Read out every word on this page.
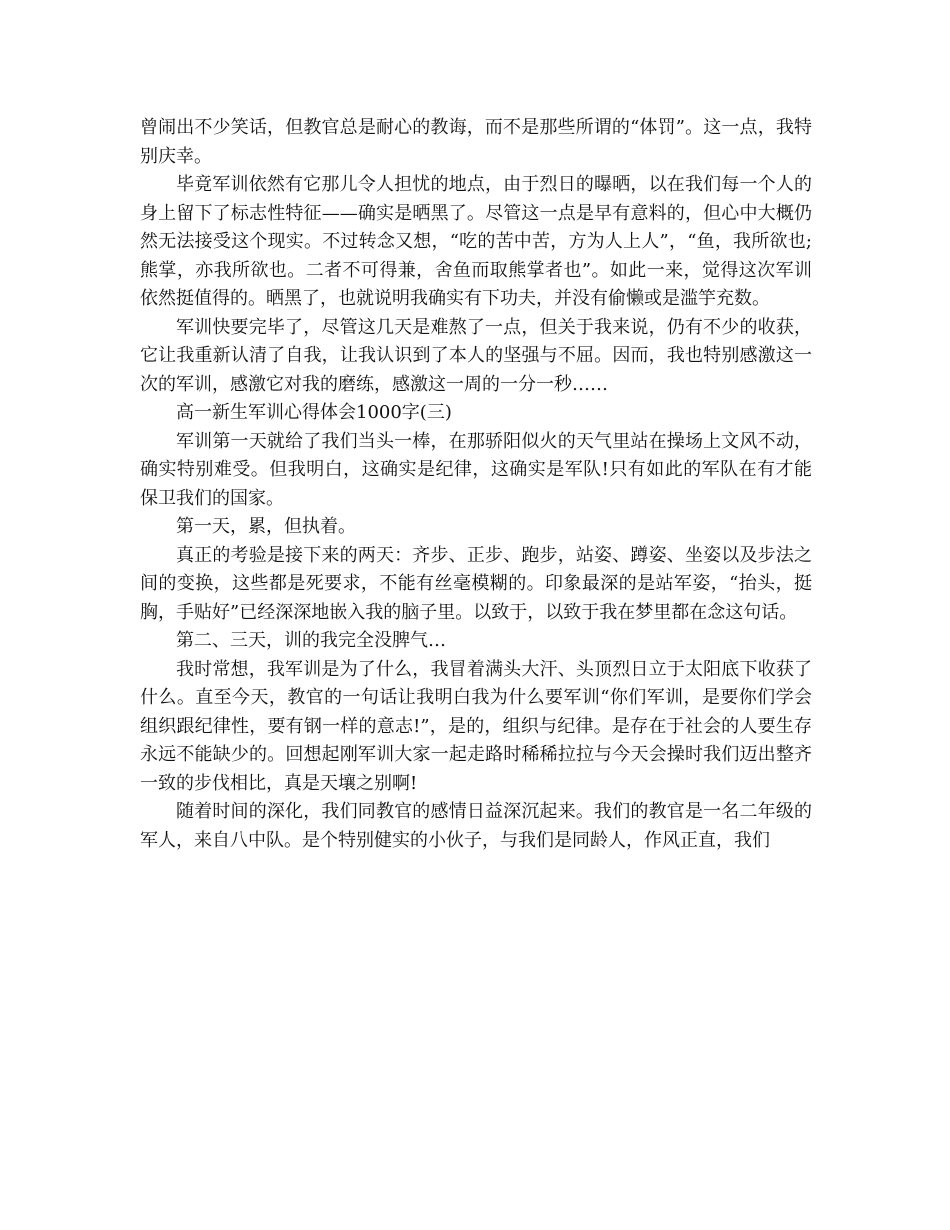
曾闹出不少笑话，但教官总是耐心的教诲，而不是那些所谓的“体罚”。这一点，我特别庆幸。

毕竟军训依然有它那儿令人担忧的地点，由于烈日的曝晒，以在我们每一个人的身上留下了标志性特征——确实是晒黑了。尽管这一点是早有意料的，但心中大概仍然无法接受这个现实。不过转念又想，“吃的苦中苦，方为人上人”，“鱼，我所欲也;熊掌，亦我所欲也。二者不可得兼，舍鱼而取熊掌者也”。如此一来，觉得这次军训依然挺值得的。晒黑了，也就说明我确实有下功夫，并没有偷懒或是滥竽充数。

军训快要完毕了，尽管这几天是难熬了一点，但关于我来说，仍有不少的收获，它让我重新认清了自我，让我认识到了本人的坚强与不屈。因而，我也特别感激这一次的军训，感激它对我的磨练，感激这一周的一分一秒……

高一新生军训心得体会1000字(三)

军训第一天就给了我们当头一棒，在那骄阳似火的天气里站在操场上文风不动，确实特别难受。但我明白，这确实是纪律，这确实是军队!只有如此的军队在有才能保卫我们的国家。

第一天，累，但执着。

真正的考验是接下来的两天：齐步、正步、跑步，站姿、蹲姿、坐姿以及步法之间的变换，这些都是死要求，不能有丝毫模糊的。印象最深的是站军姿，“抬头，挺胸，手贴好”已经深深地嵌入我的脑子里。以致于，以致于我在梦里都在念这句话。

第二、三天，训的我完全没脾气…

我时常想，我军训是为了什么，我冒着满头大汗、头顶烈日立于太阳底下收获了什么。直至今天，教官的一句话让我明白我为什么要军训“你们军训，是要你们学会组织跟纪律性，要有钢一样的意志!”，是的，组织与纪律。是存在于社会的人要生存永远不能缺少的。回想起刚军训大家一起走路时稀稀拉拉与今天会操时我们迈出整齐一致的步伐相比，真是天壤之别啊!

随着时间的深化，我们同教官的感情日益深沉起来。我们的教官是一名二年级的军人，来自八中队。是个特别健实的小伙子，与我们是同龄人，作风正直，我们
